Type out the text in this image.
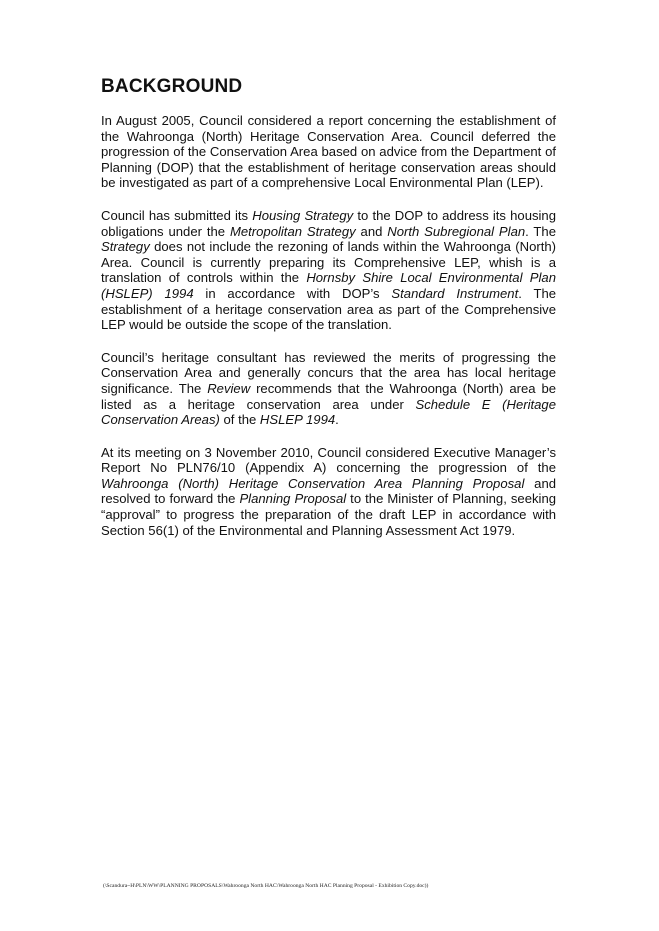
BACKGROUND

In August 2005, Council considered a report concerning the establishment of the Wahroonga (North) Heritage Conservation Area. Council deferred the progression of the Conservation Area based on advice from the Department of Planning (DOP) that the establishment of heritage conservation areas should be investigated as part of a comprehensive Local Environmental Plan (LEP).

Council has submitted its Housing Strategy to the DOP to address its housing obligations under the Metropolitan Strategy and North Subregional Plan. The Strategy does not include the rezoning of lands within the Wahroonga (North) Area. Council is currently preparing its Comprehensive LEP, whish is a translation of controls within the Hornsby Shire Local Environmental Plan (HSLEP) 1994 in accordance with DOP’s Standard Instrument. The establishment of a heritage conservation area as part of the Comprehensive LEP would be outside the scope of the translation.

Council’s heritage consultant has reviewed the merits of progressing the Conservation Area and generally concurs that the area has local heritage significance. The Review recommends that the Wahroonga (North) area be listed as a heritage conservation area under Schedule E (Heritage Conservation Areas) of the HSLEP 1994.

At its meeting on 3 November 2010, Council considered Executive Manager’s Report No PLN76/10 (Appendix A) concerning the progression of the Wahroonga (North) Heritage Conservation Area Planning Proposal and resolved to forward the Planning Proposal to the Minister of Planning, seeking “approval” to progress the preparation of the draft LEP in accordance with Section 56(1) of the Environmental and Planning Assessment Act 1979.

(\Scandura~H\PLN\WW\PLANNING PROPOSALS\Wahroonga North HAC\Wahroonga North HAC Planning Proposal - Exhibition Copy.doc))
